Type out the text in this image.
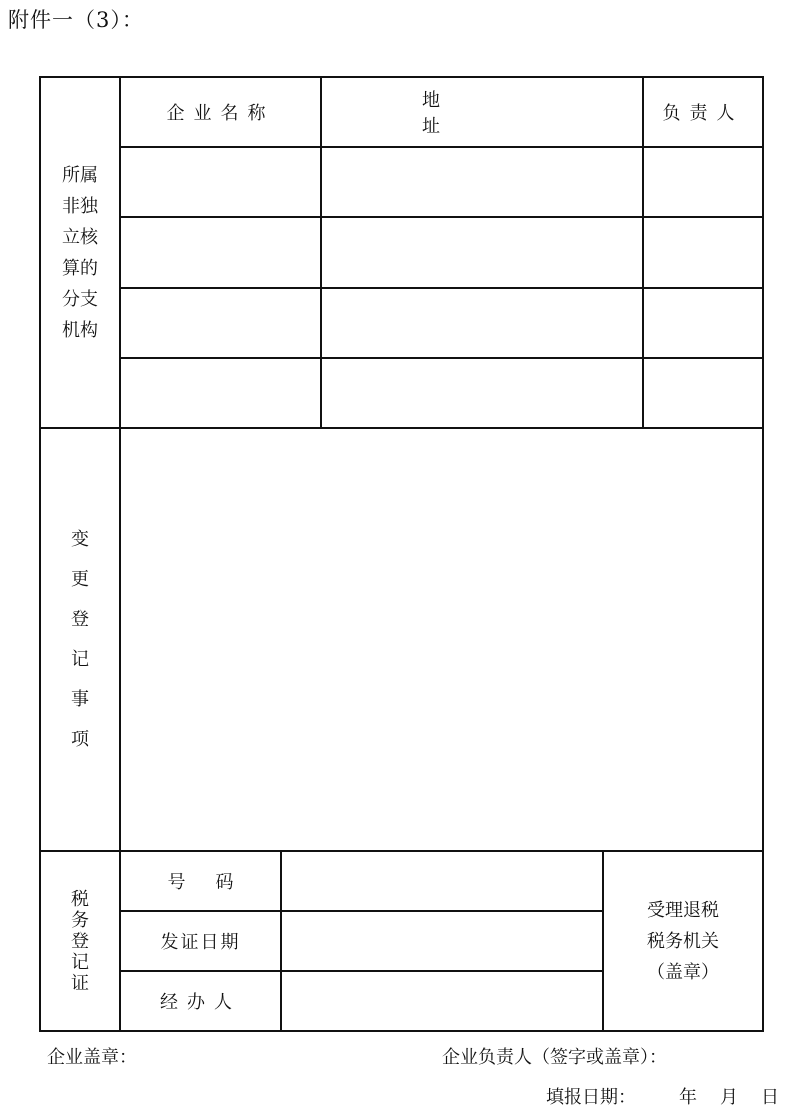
附件一（3）：
所属
非独
立核
算的
分支
机构
企业名称
地址
负责人
变
更
登
记
事
项
税
务
登
记
证
号码
发证日期
经办人
受理退税
税务机关
（盖章）
企业盖章：	企业负责人（签字或盖章）：
填报日期： 年 月 日
